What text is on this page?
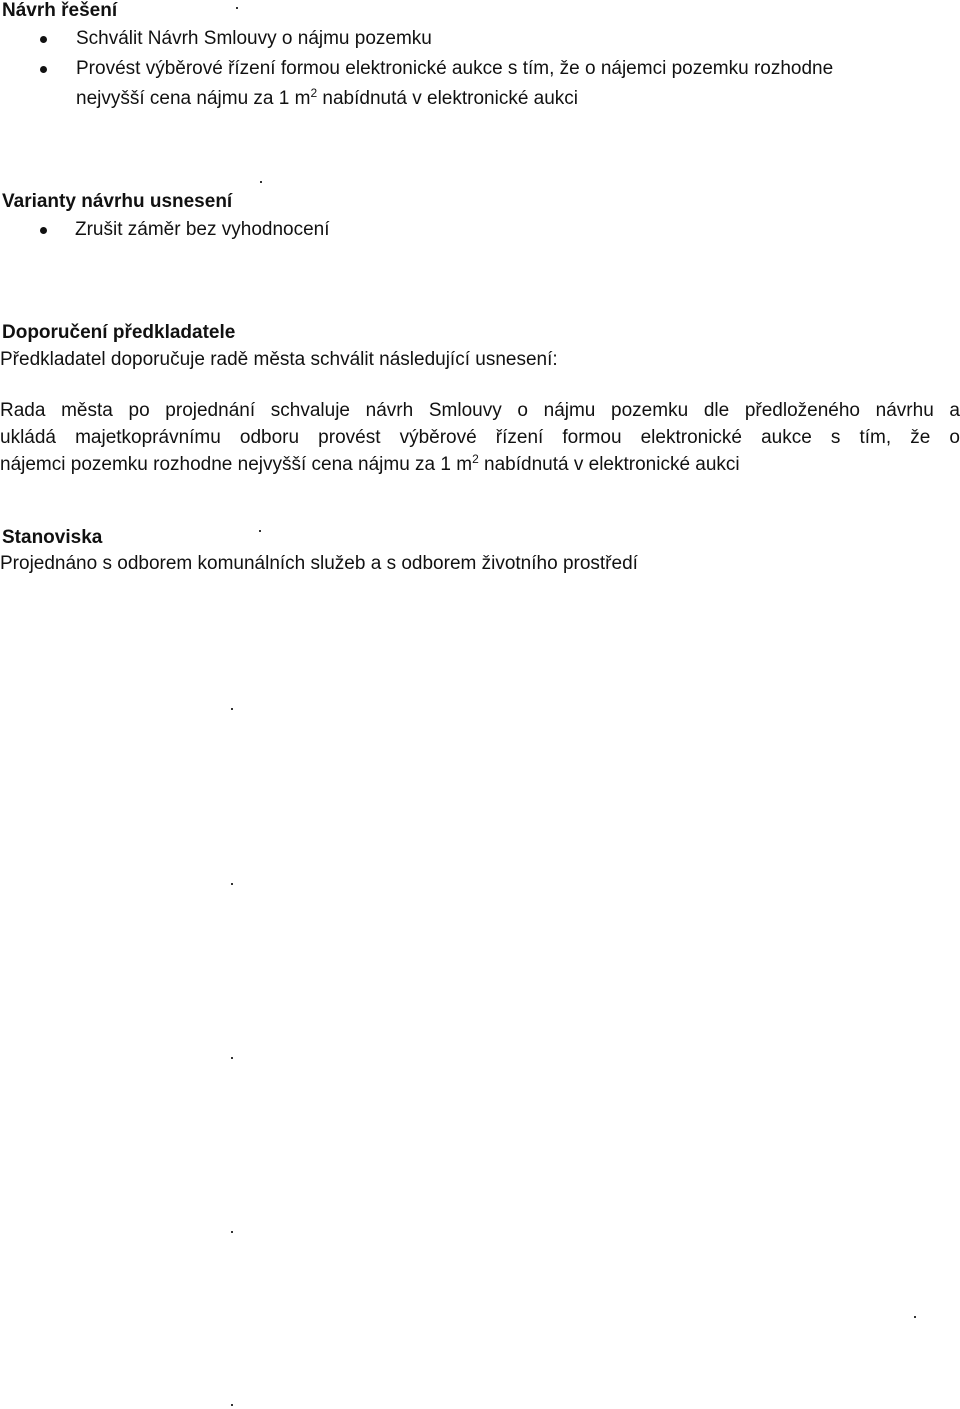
Návrh řešení
Schválit Návrh Smlouvy o nájmu pozemku
Provést výběrové řízení formou elektronické aukce s tím, že o nájemci pozemku rozhodne
nejvyšší cena nájmu za 1 $m^2$ nabídnutá v elektronické aukci
Varianty návrhu usnesení
Zrušit záměr bez vyhodnocení
Doporučení předkladatele
Předkladatel doporučuje radě města schválit následující usnesení:
Rada města po projednání schvaluje návrh Smlouvy o nájmu pozemku dle předloženého návrhu a
ukládá majetkoprávnímu odboru provést výběrové řízení formou elektronické aukce s tím, že o
nájemci pozemku rozhodne nejvyšší cena nájmu za 1 $m^2$ nabídnutá v elektronické aukci
Stanoviska
Projednáno s odborem komunálních služeb a s odborem životního prostředí
